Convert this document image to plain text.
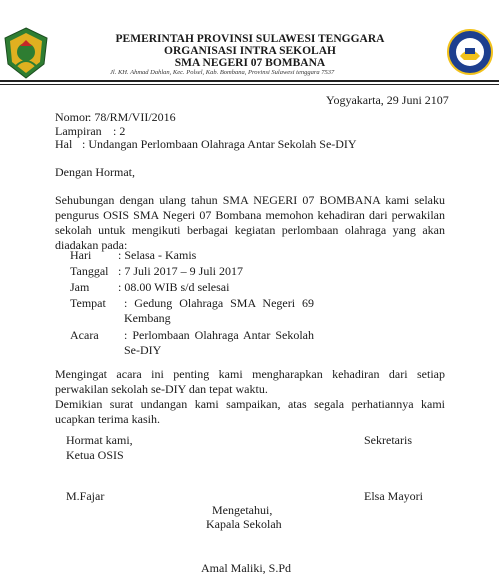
PEMERINTAH PROVINSI SULAWESI TENGGARA
ORGANISASI INTRA SEKOLAH
SMA NEGERI 07 BOMBANA
Jl. KH. Ahmad Dahlan, Kec. Polsel, Kab. Bombana, Provinsi Sulawesi tenggara 7537
Yogyakarta, 29 Juni 2107
Nomor : 78/RM/VII/2016
Lampiran : 2
Hal : Undangan Perlombaan Olahraga Antar Sekolah Se-DIY
Dengan Hormat,
Sehubungan dengan ulang tahun SMA NEGERI 07 BOMBANA kami selaku pengurus OSIS SMA Negeri 07 Bombana memohon kehadiran dari perwakilan sekolah untuk mengikuti berbagai kegiatan perlombaan olahraga yang akan diadakan pada:
Hari : Selasa - Kamis
Tanggal : 7 Juli 2017 – 9 Juli 2017
Jam : 08.00 WIB s/d selesai
Tempat : Gedung Olahraga SMA Negeri 69 Kembang
Acara : Perlombaan Olahraga Antar Sekolah Se-DIY
Mengingat acara ini penting kami mengharapkan kehadiran dari setiap perwakilan sekolah se-DIY dan tepat waktu.
Demikian surat undangan kami sampaikan, atas segala perhatiannya kami ucapkan terima kasih.
Hormat kami,	Sekretaris
Ketua OSIS
M.Fajar	Elsa Mayori
Mengetahui,
Kapala Sekolah
Amal Maliki, S.Pd
